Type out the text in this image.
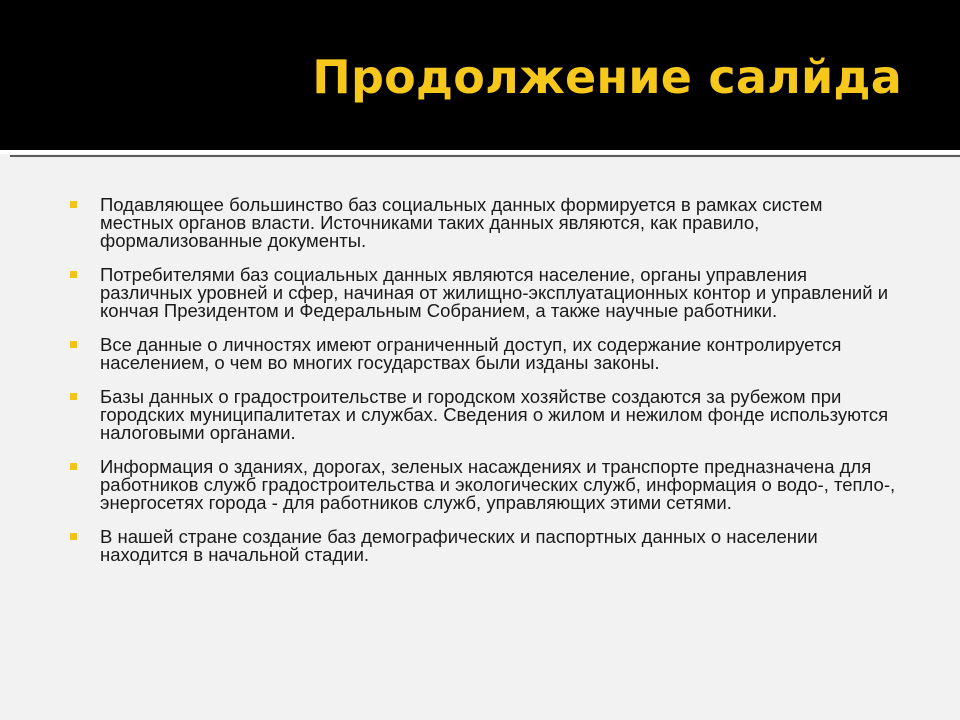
Продолжение салйда
Подавляющее большинство баз социальных данных формируется в рамках систем местных органов власти. Источниками таких данных являются, как правило, формализованные документы.
Потребителями баз социальных данных являются население, органы управления различных уровней и сфер, начиная от жилищно-эксплуатационных контор и управлений и кончая Президентом и Федеральным Собранием, а также научные работники.
Все данные о личностях имеют ограниченный доступ, их содержание контролируется населением, о чем во многих государствах были изданы законы.
Базы данных о градостроительстве и городском хозяйстве создаются за рубежом при городских муниципалитетах и службах. Сведения о жилом и нежилом фонде используются налоговыми органами.
Информация о зданиях, дорогах, зеленых насаждениях и транспорте предназначена для работников служб градостроительства и экологических служб, информация о водо-, тепло-, энергосетях города - для работников служб, управляющих этими сетями.
В нашей стране создание баз демографических и паспортных данных о населении находится в начальной стадии.
